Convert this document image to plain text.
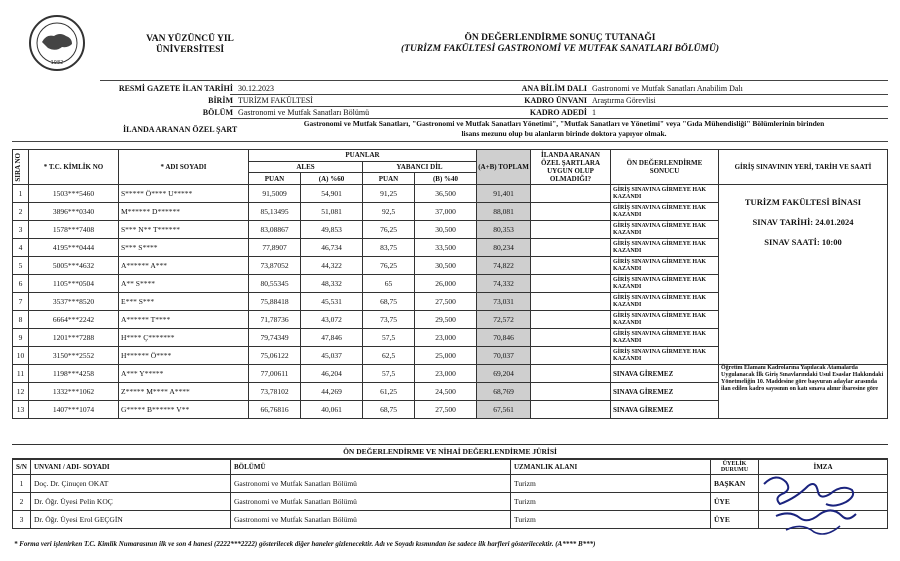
1982
VAN YÜZÜNCÜ YIL
ÜNİVERSİTESİ
ÖN DEĞERLENDİRME SONUÇ TUTANAĞI
(TURİZM FAKÜLTESİ GASTRONOMİ VE MUTFAK SANATLARI BÖLÜMÜ)
RESMİ GAZETE İLAN TARİHİ 30.12.2023	ANA BİLİM DALI Gastronomi ve Mutfak Sanatları Anabilim Dalı
BİRİM TURİZM FAKÜLTESİ	KADRO ÜNVANI Araştırma Görevlisi
BÖLÜM Gastronomi ve Mutfak Sanatları Bölümü	KADRO ADEDİ 1
İLANDA ARANAN ÖZEL ŞART
Gastronomi ve Mutfak Sanatları, "Gastronomi ve Mutfak Sanatları Yönetimi", "Mutfak Sanatları ve Yönetimi" veya "Gıda Mühendisliği" Bölümlerinin birinden
lisans mezunu olup bu alanların birinde doktora yapıyor olmak.
SIRA NO	* T.C. KİMLİK NO	* ADI SOYADI	PUANLAR				(A+B) TOPLAM	İLANDA ARANAN ÖZEL ŞARTLARA UYGUN OLUP OLMADIĞI?	ÖN DEĞERLENDİRME SONUCU	GİRİŞ SINAVININ YERİ, TARİH VE SAATİ
			ALES		YABANCI DİL					
			PUAN	(A) %60	PUAN	(B) %40				
1	1503***5460	S***** Ö**** U*****	91,5009	54,901	91,25	36,500	91,401		GİRİŞ SINAVINA GİRMEYE HAK KAZANDI	TURİZM FAKÜLTESİ BİNASI
SINAV TARİHİ: 24.01.2024
SINAV SAATİ: 10:00

2	3896***0340	M****** D******	85,13495	51,081	92,5	37,000	88,081		GİRİŞ SINAVINA GİRMEYE HAK KAZANDI	
3	1578***7408	S*** N** T******	83,08867	49,853	76,25	30,500	80,353		GİRİŞ SINAVINA GİRMEYE HAK KAZANDI	
4	4195***0444	S*** S****	77,8907	46,734	83,75	33,500	80,234		GİRİŞ SINAVINA GİRMEYE HAK KAZANDI	
5	5005***4632	A****** A***	73,87052	44,322	76,25	30,500	74,822		GİRİŞ SINAVINA GİRMEYE HAK KAZANDI	
6	1105***0504	A** S****	80,55345	48,332	65	26,000	74,332		GİRİŞ SINAVINA GİRMEYE HAK KAZANDI	
7	3537***8520	E*** S***	75,88418	45,531	68,75	27,500	73,031		GİRİŞ SINAVINA GİRMEYE HAK KAZANDI	
8	6664***2242	A****** T****	71,78736	43,072	73,75	29,500	72,572		GİRİŞ SINAVINA GİRMEYE HAK KAZANDI	
9	1201***7288	H**** Ç*******	79,74349	47,846	57,5	23,000	70,846		GİRİŞ SINAVINA GİRMEYE HAK KAZANDI	
10	3150***2552	H****** Ö****	75,06122	45,037	62,5	25,000	70,037		GİRİŞ SINAVINA GİRMEYE HAK KAZANDI	
11	1198***4258	A*** Y*****	77,00611	46,204	57,5	23,000	69,204		SINAVA GİREMEZ	Öğretim Elamanı Kadrolarına Yapılacak Atamalarda Uygulanacak İlk Giriş Sınavlarındaki Usul Esaslar Hakkındaki Yönetmeliğin 10. Maddesine göre başvuran adaylar arasında ilan edilen kadro sayısının on katı sınava alınır ibaresine göre
12	1332***1062	Z***** M**** A****	73,78102	44,269	61,25	24,500	68,769		SINAVA GİREMEZ	
13	1407***1074	G***** B****** V**	66,76816	40,061	68,75	27,500	67,561		SINAVA GİREMEZ	
ÖN DEĞERLENDİRME VE NİHAİ DEĞERLENDİRME JÜRİSİ
S/N	UNVANI / ADI- SOYADI	BÖLÜMÜ	UZMANLIK ALANI	ÜYELİK DURUMU	İMZA
1	Doç. Dr. Çinuçen OKAT	Gastronomi ve Mutfak Sanatları Bölümü	Turizm	BAŞKAN	
2	Dr. Öğr. Üyesi Pelin KOÇ	Gastronomi ve Mutfak Sanatları Bölümü	Turizm	ÜYE	
3	Dr. Öğr. Üyesi Erol GEÇGİN	Gastronomi ve Mutfak Sanatları Bölümü	Turizm	ÜYE	
* Forma veri işlenirken T.C. Kimlik Numarasının ilk ve son 4 hanesi (2222***2222) gösterilecek diğer haneler gizlenecektir. Adı ve Soyadı kısmından ise sadece ilk harfleri gösterilecektir. (A**** B***)
